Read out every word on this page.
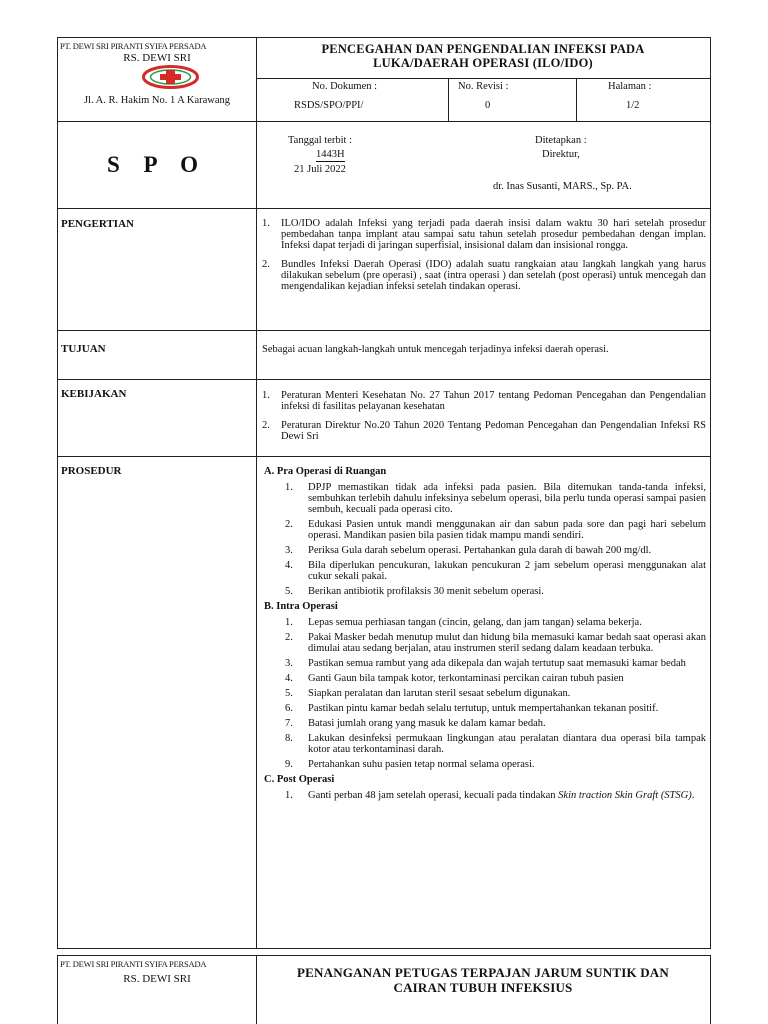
PT. DEWI SRI PIRANTI SYIFA PERSADA
RS. DEWI SRI
Jl. A. R. Hakim No. 1 A Karawang
PENCEGAHAN DAN PENGENDALIAN INFEKSI PADA
LUKA/DAERAH OPERASI (ILO/IDO)
No. Dokumen :
RSDS/SPO/PPI/
No. Revisi :
0
Halaman :
1/2
S P O
Tanggal terbit :
1443H
21 Juli 2022
Ditetapkan :
Direktur,
dr. Inas Susanti, MARS., Sp. PA.
PENGERTIAN	1. ILO/IDO adalah Infeksi yang terjadi pada daerah insisi dalam waktu 30 hari setelah prosedur pembedahan tanpa implant atau sampai satu tahun setelah prosedur pembedahan dengan implan. Infeksi dapat terjadi di jaringan superfisial, insisional dalam dan insisional rongga.
2. Bundles Infeksi Daerah Operasi (IDO) adalah suatu rangkaian atau langkah langkah yang harus dilakukan sebelum (pre operasi) , saat (intra operasi ) dan setelah (post operasi) untuk mencegah dan mengendalikan kejadian infeksi setelah tindakan operasi.
TUJUAN	Sebagai acuan langkah-langkah untuk mencegah terjadinya infeksi daerah operasi.
KEBIJAKAN	1. Peraturan Menteri Kesehatan No. 27 Tahun 2017 tentang Pedoman Pencegahan dan Pengendalian infeksi di fasilitas pelayanan kesehatan
2. Peraturan Direktur No.20 Tahun 2020 Tentang Pedoman Pencegahan dan Pengendalian Infeksi RS Dewi Sri
PROSEDUR	A. Pra Operasi di Ruangan
1. DPJP memastikan tidak ada infeksi pada pasien. Bila ditemukan tanda-tanda infeksi, sembuhkan terlebih dahulu infeksinya sebelum operasi, bila perlu tunda operasi sampai pasien sembuh, kecuali pada operasi cito.
2. Edukasi Pasien untuk mandi menggunakan air dan sabun pada sore dan pagi hari sebelum operasi. Mandikan pasien bila pasien tidak mampu mandi sendiri.
3. Periksa Gula darah sebelum operasi. Pertahankan gula darah di bawah 200 mg/dl.
4. Bila diperlukan pencukuran, lakukan pencukuran 2 jam sebelum operasi menggunakan alat cukur sekali pakai.
5. Berikan antibiotik profilaksis 30 menit sebelum operasi.
B. Intra Operasi
1. Lepas semua perhiasan tangan (cincin, gelang, dan jam tangan) selama bekerja.
2. Pakai Masker bedah menutup mulut dan hidung bila memasuki kamar bedah saat operasi akan dimulai atau sedang berjalan, atau instrumen steril sedang dalam keadaan terbuka.
3. Pastikan semua rambut yang ada dikepala dan wajah tertutup saat memasuki kamar bedah
4. Ganti Gaun bila tampak kotor, terkontaminasi percikan cairan tubuh pasien
5. Siapkan peralatan dan larutan steril sesaat sebelum digunakan.
6. Pastikan pintu kamar bedah selalu tertutup, untuk mempertahankan tekanan positif.
7. Batasi jumlah orang yang masuk ke dalam kamar bedah.
8. Lakukan desinfeksi permukaan lingkungan atau peralatan diantara dua operasi bila tampak kotor atau terkontaminasi darah.
9. Pertahankan suhu pasien tetap normal selama operasi.
C. Post Operasi
1. Ganti perban 48 jam setelah operasi, kecuali pada tindakan Skin traction Skin Graft (STSG).
PT. DEWI SRI PIRANTI SYIFA PERSADA
RS. DEWI SRI	PENANGANAN PETUGAS TERPAJAN JARUM SUNTIK DAN
CAIRAN TUBUH INFEKSIUS
